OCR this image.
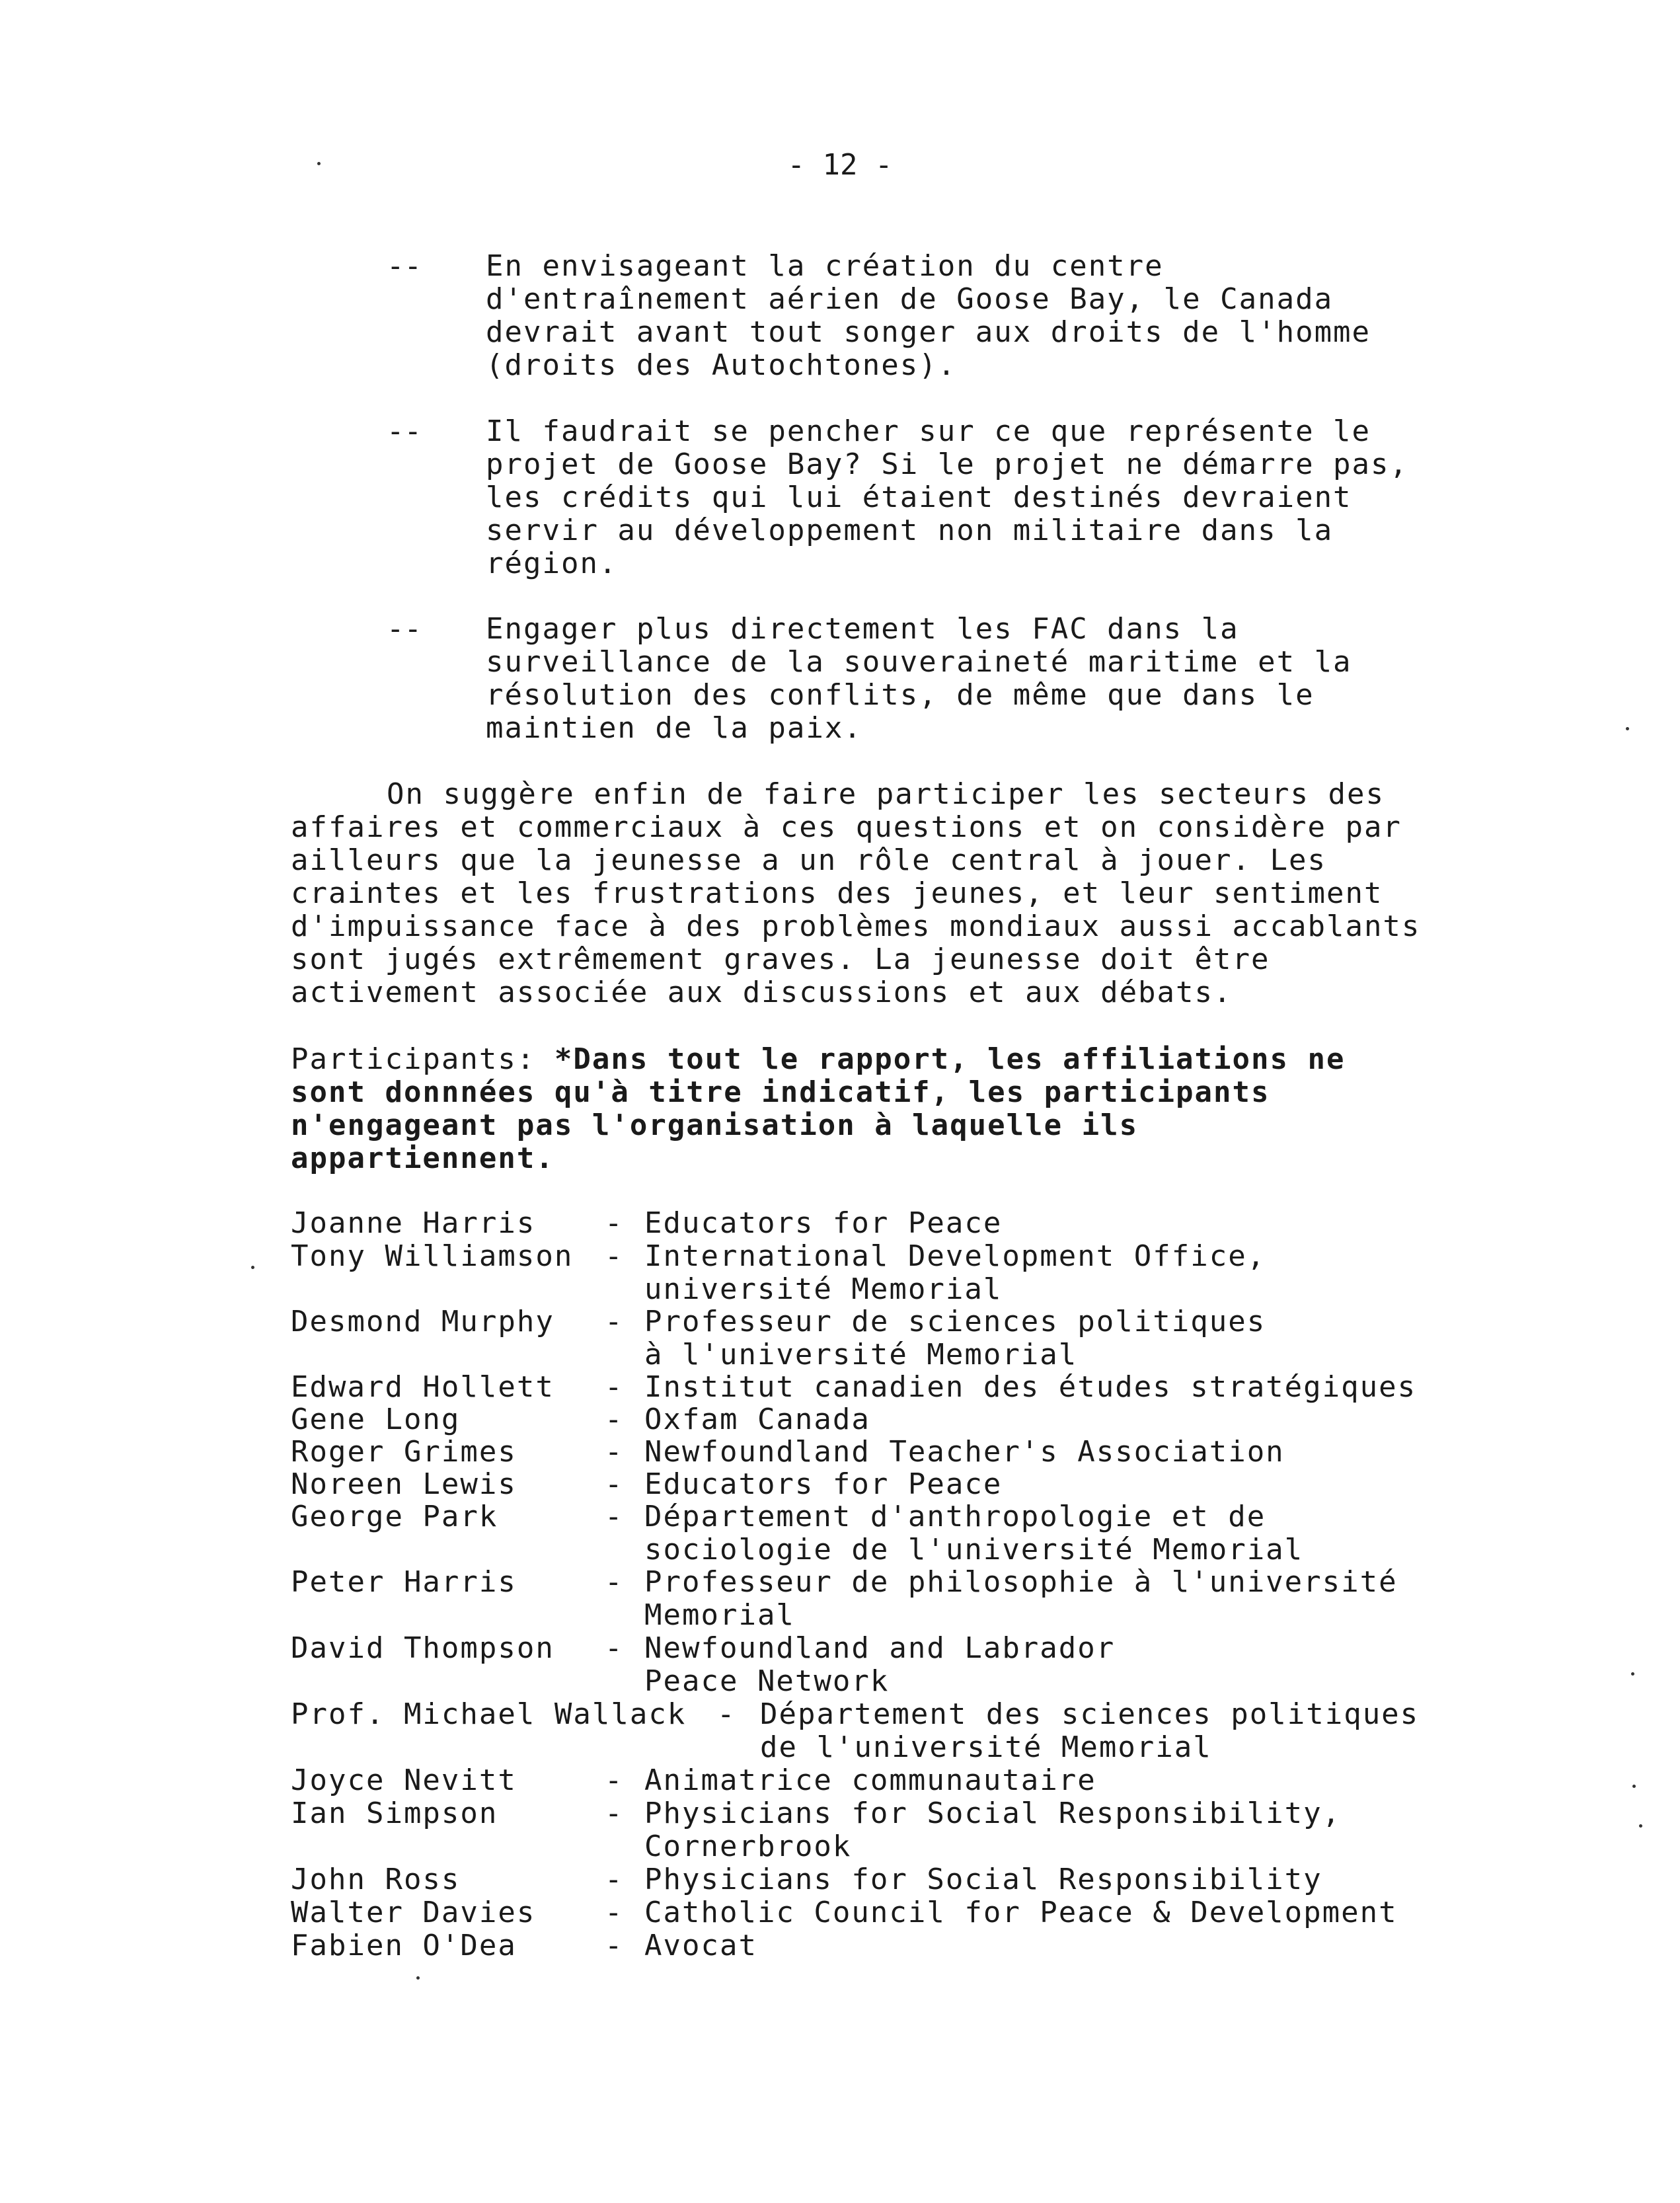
- 12 -
-- En envisageant la création du centre
d'entraînement aérien de Goose Bay, le Canada
devrait avant tout songer aux droits de l'homme
(droits des Autochtones).
-- Il faudrait se pencher sur ce que représente le
projet de Goose Bay? Si le projet ne démarre pas,
les crédits qui lui étaient destinés devraient
servir au développement non militaire dans la
région.
-- Engager plus directement les FAC dans la
surveillance de la souveraineté maritime et la
résolution des conflits, de même que dans le
maintien de la paix.
On suggère enfin de faire participer les secteurs des
affaires et commerciaux à ces questions et on considère par
ailleurs que la jeunesse a un rôle central à jouer. Les
craintes et les frustrations des jeunes, et leur sentiment
d'impuissance face à des problèmes mondiaux aussi accablants
sont jugés extrêmement graves. La jeunesse doit être
activement associée aux discussions et aux débats.
Participants: *Dans tout le rapport, les affiliations ne
sont donnnées qu'à titre indicatif, les participants
n'engageant pas l'organisation à laquelle ils
appartiennent.
Joanne Harris - Educators for Peace
Tony Williamson - International Development Office,
université Memorial
Desmond Murphy - Professeur de sciences politiques
à l'université Memorial
Edward Hollett - Institut canadien des études stratégiques
Gene Long	- Oxfam Canada
Roger Grimes	- Newfoundland Teacher's Association
Noreen Lewis	- Educators for Peace
George Park	- Département d'anthropologie et de
sociologie de l'université Memorial
Peter Harris	- Professeur de philosophie à l'université
Memorial
David Thompson - Newfoundland and Labrador
Peace Network
Prof. Michael Wallack - Département des sciences politiques
de l'université Memorial
Joyce Nevitt	- Animatrice communautaire
Ian Simpson	- Physicians for Social Responsibility,
Cornerbrook
John Ross	- Physicians for Social Responsibility
Walter Davies - Catholic Council for Peace & Development
Fabien O'Dea	- Avocat
